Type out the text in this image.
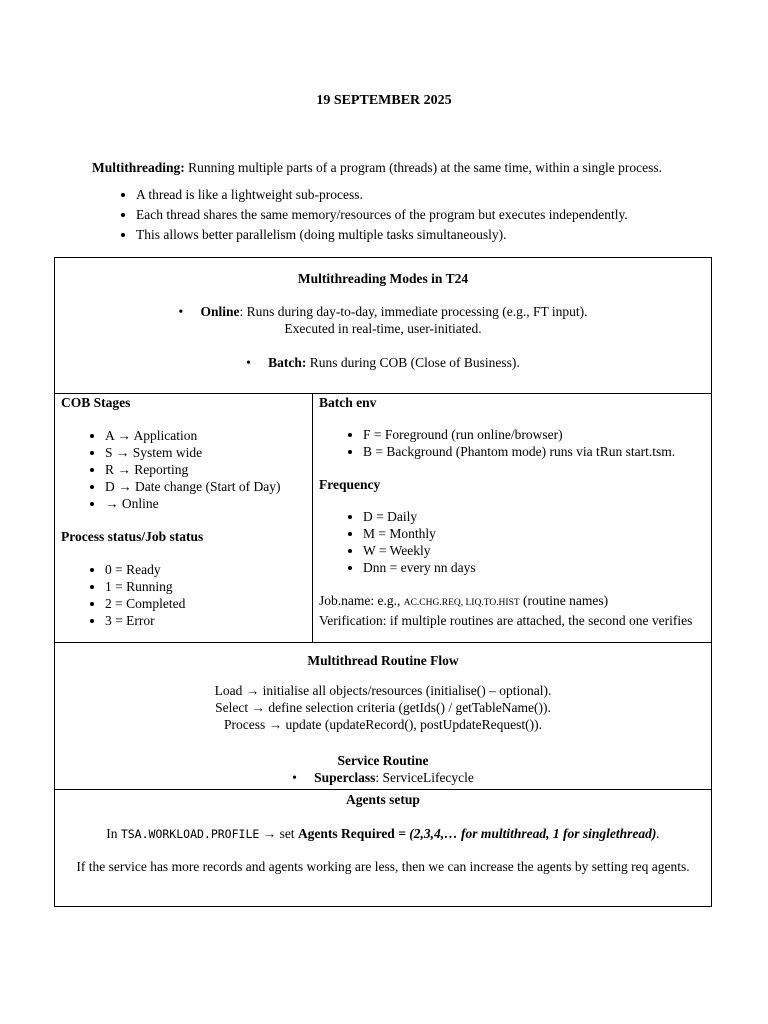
19 SEPTEMBER 2025
Multithreading: Running multiple parts of a program (threads) at the same time, within a single process.
• A thread is like a lightweight sub-process.
• Each thread shares the same memory/resources of the program but executes independently.
• This allows better parallelism (doing multiple tasks simultaneously).
Multithreading Modes in T24
• Online: Runs during day-to-day, immediate processing (e.g., FT input).
Executed in real-time, user-initiated.
• Batch: Runs during COB (Close of Business).
COB Stages
• A → Application
• S → System wide
• R → Reporting
• D → Date change (Start of Day)
• → Online
Process status/Job status
• 0 = Ready
• 1 = Running
• 2 = Completed
• 3 = Error
Batch env
• F = Foreground (run online/browser)
• B = Background (Phantom mode) runs via tRun start.tsm.
Frequency
• D = Daily
• M = Monthly
• W = Weekly
• Dnn = every nn days
Job.name: e.g., AC.CHG.REQ, LIQ.TO.HIST (routine names)
Verification: if multiple routines are attached, the second one verifies
Multithread Routine Flow
Load → initialise all objects/resources (initialise() – optional).
Select → define selection criteria (getIds() / getTableName()).
Process → update (updateRecord(), postUpdateRequest()).
Service Routine
• Superclass: ServiceLifecycle
Agents setup
In TSA.WORKLOAD.PROFILE → set Agents Required = (2,3,4,… for multithread, 1 for singlethread).
If the service has more records and agents working are less, then we can increase the agents by setting req agents.
